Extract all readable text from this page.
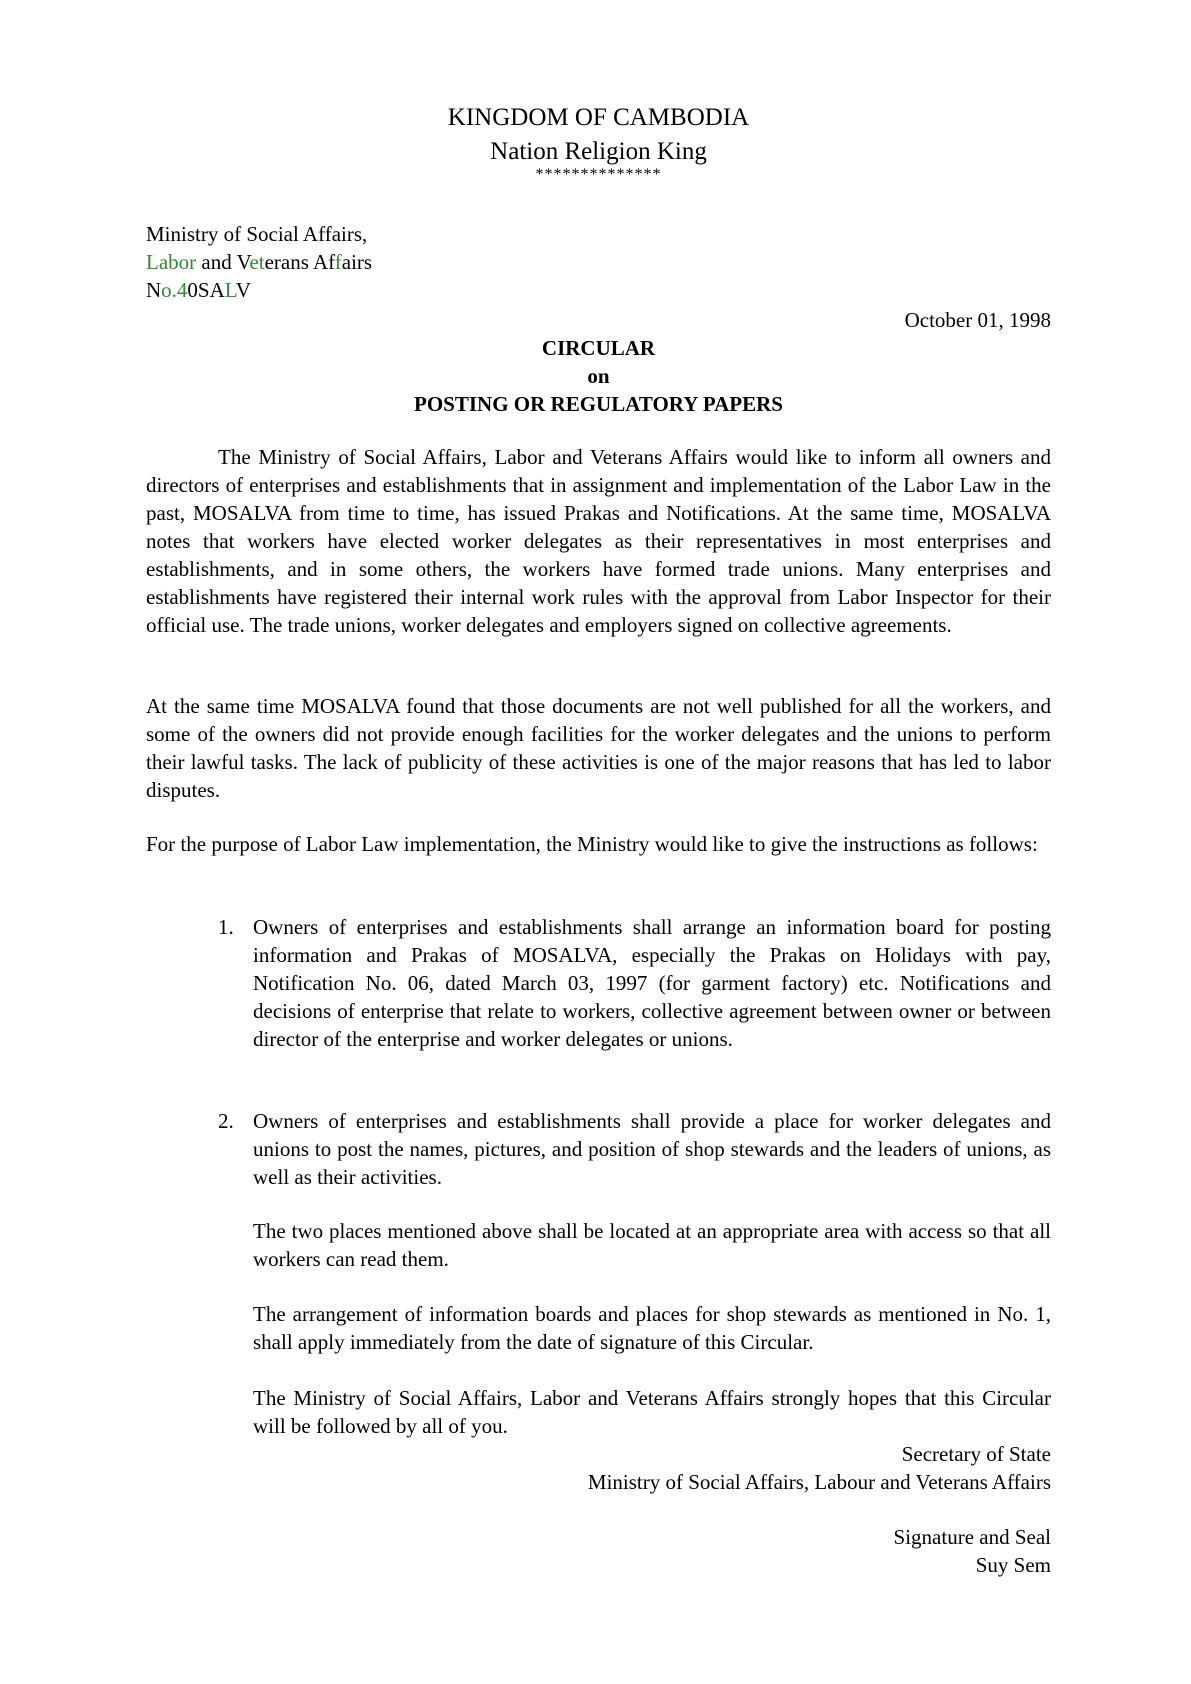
KINGDOM OF CAMBODIA
Nation Religion King
**************
Ministry of Social Affairs,
Labor and Veterans Affairs
No.40SALV
October 01, 1998
CIRCULAR
on
POSTING OR REGULATORY PAPERS

The Ministry of Social Affairs, Labor and Veterans Affairs would like to inform all owners and directors of enterprises and establishments that in assignment and implementation of the Labor Law in the past, MOSALVA from time to time, has issued Prakas and Notifications. At the same time, MOSALVA notes that workers have elected worker delegates as their representatives in most enterprises and establishments, and in some others, the workers have formed trade unions. Many enterprises and establishments have registered their internal work rules with the approval from Labor Inspector for their official use. The trade unions, worker delegates and employers signed on collective agreements.

At the same time MOSALVA found that those documents are not well published for all the workers, and some of the owners did not provide enough facilities for the worker delegates and the unions to perform their lawful tasks. The lack of publicity of these activities is one of the major reasons that has led to labor disputes.

For the purpose of Labor Law implementation, the Ministry would like to give the instructions as follows:

1. Owners of enterprises and establishments shall arrange an information board for posting information and Prakas of MOSALVA, especially the Prakas on Holidays with pay, Notification No. 06, dated March 03, 1997 (for garment factory) etc. Notifications and decisions of enterprise that relate to workers, collective agreement between owner or between director of the enterprise and worker delegates or unions.

2. Owners of enterprises and establishments shall provide a place for worker delegates and unions to post the names, pictures, and position of shop stewards and the leaders of unions, as well as their activities.

The two places mentioned above shall be located at an appropriate area with access so that all workers can read them.

The arrangement of information boards and places for shop stewards as mentioned in No. 1, shall apply immediately from the date of signature of this Circular.

The Ministry of Social Affairs, Labor and Veterans Affairs strongly hopes that this Circular will be followed by all of you.

Secretary of State
Ministry of Social Affairs, Labour and Veterans Affairs
Signature and Seal
Suy Sem
